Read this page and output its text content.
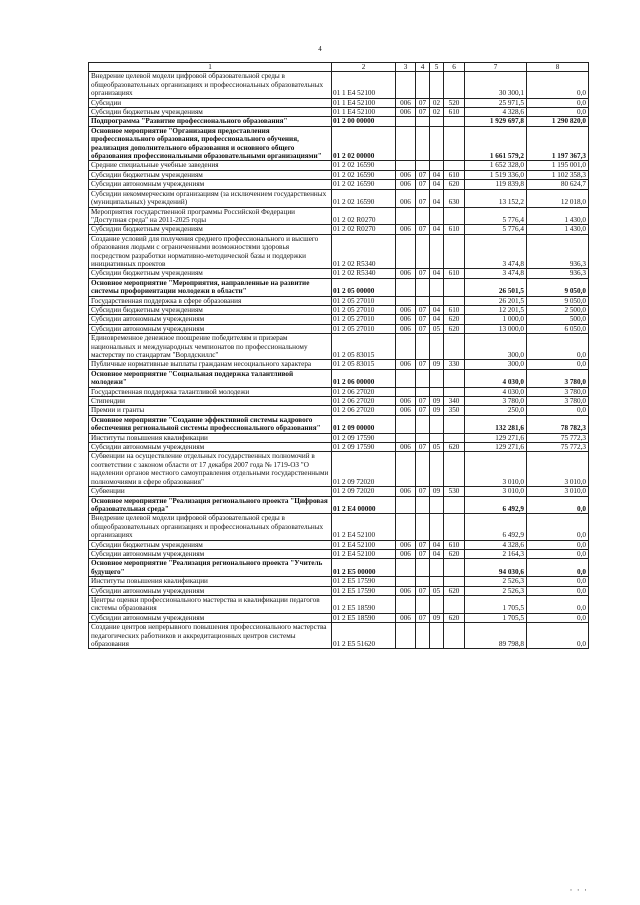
4
1	2	3	4	5	6	7	8
Внедрение целевой модели цифровой образовательной среды в общеобразовательных организациях и профессиональных образовательных организациях	01 1 E4 52100					30 300,1	0,0
Субсидии	01 1 E4 52100	006	07	02	520	25 971,5	0,0
Субсидии бюджетным учреждениям	01 1 E4 52100	006	07	02	610	4 328,6	0,0
Подпрограмма "Развитие профессионального образования"	01 2 00 00000					1 929 697,8	1 290 820,0
Основное мероприятие "Организация предоставления профессионального образования, профессионального обучения, реализация дополнительного образования и основного общего образования профессиональными образовательными организациями"	01 2 02 00000					1 661 579,2	1 197 367,3
Средние специальные учебные заведения	01 2 02 16590					1 652 328,0	1 195 001,0
Субсидии бюджетным учреждениям	01 2 02 16590	006	07	04	610	1 519 336,0	1 102 358,3
Субсидии автономным учреждениям	01 2 02 16590	006	07	04	620	119 839,8	80 624,7
Субсидии некоммерческим организациям (за исключением государственных (муниципальных) учреждений)	01 2 02 16590	006	07	04	630	13 152,2	12 018,0
Мероприятия государственной программы Российской Федерации "Доступная среда" на 2011-2025 годы	01 2 02 R0270					5 776,4	1 430,0
Субсидии бюджетным учреждениям	01 2 02 R0270	006	07	04	610	5 776,4	1 430,0
Создание условий для получения среднего профессионального и высшего образования людьми с ограниченными возможностями здоровья посредством разработки нормативно-методической базы и поддержки инициативных проектов	01 2 02 R5340					3 474,8	936,3
Субсидии бюджетным учреждениям	01 2 02 R5340	006	07	04	610	3 474,8	936,3
Основное мероприятие "Мероприятия, направленные на развитие системы профориентации молодежи в области"	01 2 05 00000					26 501,5	9 050,0
Государственная поддержка в сфере образования	01 2 05 27010					26 201,5	9 050,0
Субсидии бюджетным учреждениям	01 2 05 27010	006	07	04	610	12 201,5	2 500,0
Субсидии автономным учреждениям	01 2 05 27010	006	07	04	620	1 000,0	500,0
Субсидии автономным учреждениям	01 2 05 27010	006	07	05	620	13 000,0	6 050,0
Единовременное денежное поощрение победителям и призерам национальных и международных чемпионатов по профессиональному мастерству по стандартам "Ворлдскиллс"	01 2 05 83015					300,0	0,0
Публичные нормативные выплаты гражданам несоциального характера	01 2 05 83015	006	07	09	330	300,0	0,0
Основное мероприятие "Социальная поддержка талантливой молодежи"	01 2 06 00000					4 030,0	3 780,0
Государственная поддержка талантливой молодежи	01 2 06 27020					4 030,0	3 780,0
Стипендии	01 2 06 27020	006	07	09	340	3 780,0	3 780,0
Премии и гранты	01 2 06 27020	006	07	09	350	250,0	0,0
Основное мероприятие "Создание эффективной системы кадрового обеспечения региональной системы профессионального образования"	01 2 09 00000					132 281,6	78 782,3
Институты повышения квалификации	01 2 09 17590					129 271,6	75 772,3
Субсидии автономным учреждениям	01 2 09 17590	006	07	05	620	129 271,6	75 772,3
Субвенции на осуществление отдельных государственных полномочий в соответствии с законом области от 17 декабря 2007 года № 1719-ОЗ "О наделении органов местного самоуправления отдельными государственными полномочиями в сфере образования"	01 2 09 72020					3 010,0	3 010,0
Субвенции	01 2 09 72020	006	07	09	530	3 010,0	3 010,0
Основное мероприятие "Реализация регионального проекта "Цифровая образовательная среда"	01 2 E4 00000					6 492,9	0,0
Внедрение целевой модели цифровой образовательной среды в общеобразовательных организациях и профессиональных образовательных организациях	01 2 E4 52100					6 492,9	0,0
Субсидии бюджетным учреждениям	01 2 E4 52100	006	07	04	610	4 328,6	0,0
Субсидии автономным учреждениям	01 2 E4 52100	006	07	04	620	2 164,3	0,0
Основное мероприятие "Реализация регионального проекта "Учитель будущего"	01 2 E5 00000					94 030,6	0,0
Институты повышения квалификации	01 2 E5 17590					2 526,3	0,0
Субсидии автономным учреждениям	01 2 E5 17590	006	07	05	620	2 526,3	0,0
Центры оценки профессионального мастерства и квалификации педагогов системы образования	01 2 E5 18590					1 705,5	0,0
Субсидии автономным учреждениям	01 2 E5 18590	006	07	09	620	1 705,5	0,0
Создание центров непрерывного повышения профессионального мастерства педагогических работников и аккредитационных центров системы образования	01 2 E5 51620					89 798,8	0,0
· · ·
